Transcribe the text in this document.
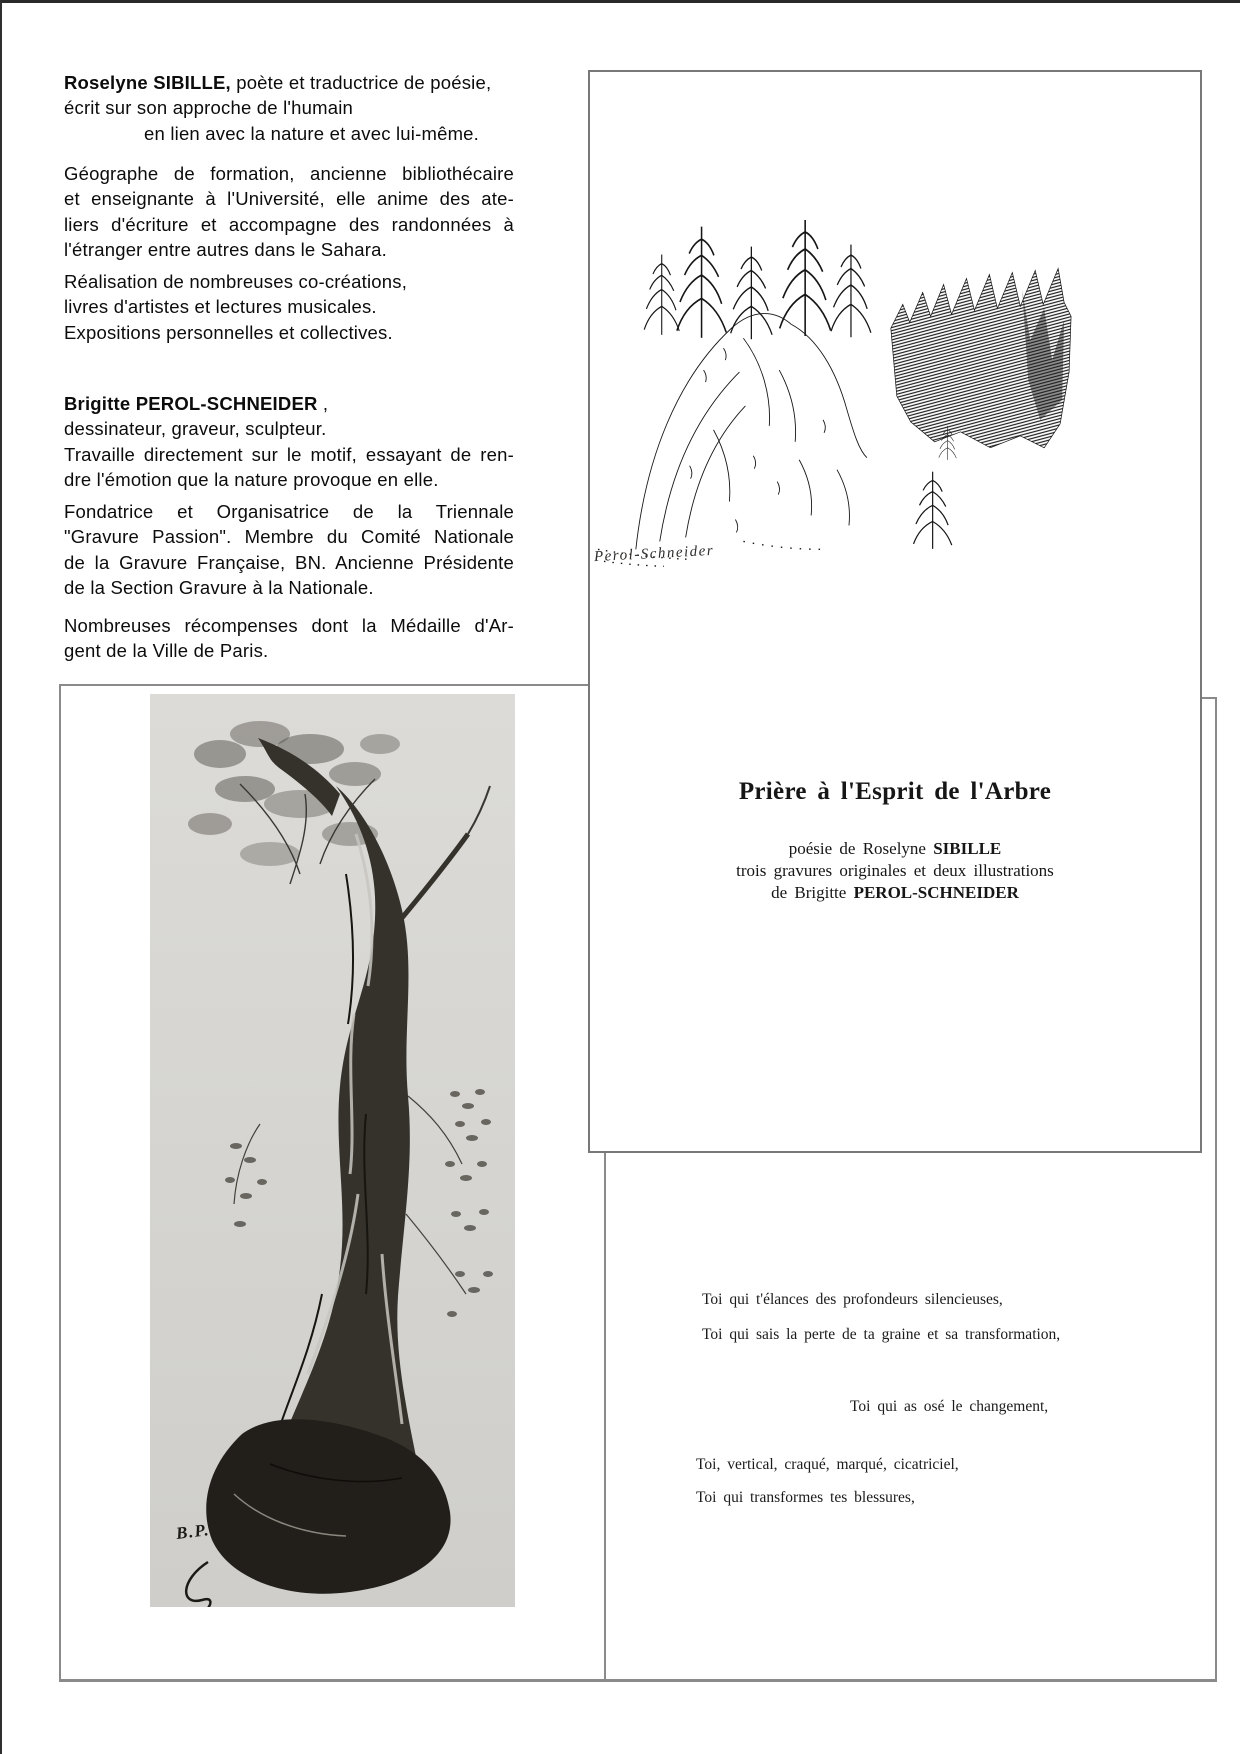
Roselyne SIBILLE, poète et traductrice de poésie,
écrit sur son approche de l'humain
en lien avec la nature et avec lui-même.
Géographe de formation, ancienne bibliothécaire
et enseignante à l'Université, elle anime des ate-
liers d'écriture et accompagne des randonnées à
l'étranger entre autres dans le Sahara.
Réalisation de nombreuses co-créations,
livres d'artistes et lectures musicales.
Expositions personnelles et collectives.
Brigitte PEROL-SCHNEIDER ,
dessinateur, graveur, sculpteur.
Travaille directement sur le motif, essayant de ren-
dre l'émotion que la nature provoque en elle.
Fondatrice et Organisatrice de la Triennale
"Gravure Passion". Membre du Comité Nationale
de la Gravure Française, BN. Ancienne Présidente
de la Section Gravure à la Nationale.
Nombreuses récompenses dont la Médaille d'Ar-
gent de la Ville de Paris.
B.P.
Toi qui t'élances des profondeurs silencieuses,
Toi qui sais la perte de ta graine et sa transformation,
Toi qui as osé le changement,
Toi, vertical, craqué, marqué, cicatriciel,
Toi qui transformes tes blessures,
Perol-Schneider
Prière à l'Esprit de l'Arbre
poésie de Roselyne SIBILLE
trois gravures originales et deux illustrations
de Brigitte PEROL-SCHNEIDER
